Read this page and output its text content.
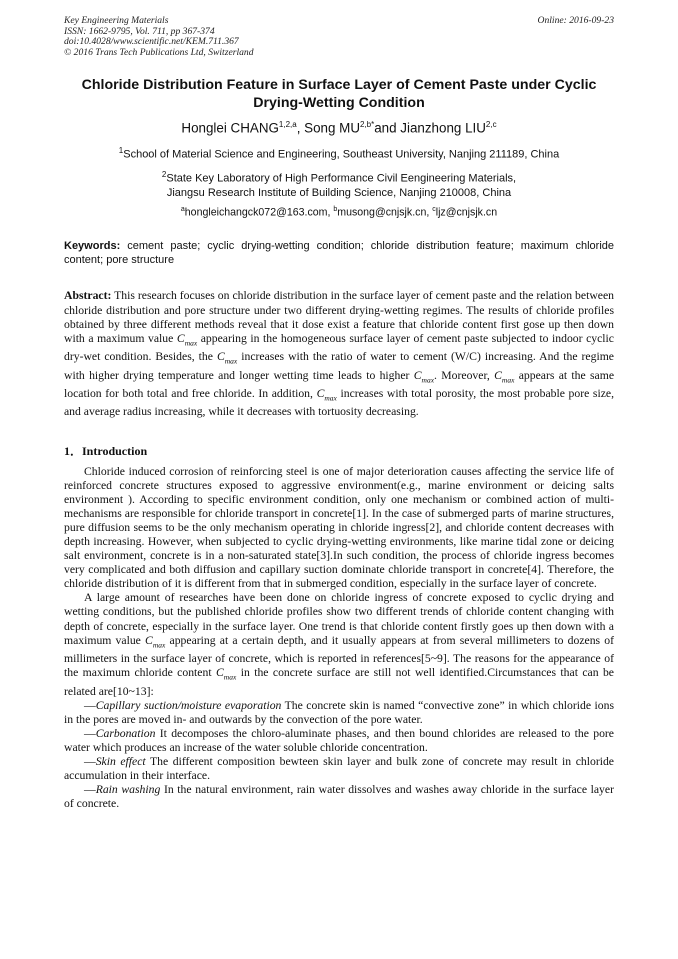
Key Engineering Materials	Online: 2016-09-23
ISSN: 1662-9795, Vol. 711, pp 367-374
doi:10.4028/www.scientific.net/KEM.711.367
© 2016 Trans Tech Publications Ltd, Switzerland
Chloride Distribution Feature in Surface Layer of Cement Paste under Cyclic Drying-Wetting Condition
Honglei CHANG$^{1,2,a}$, Song $MU^{2,b*}and$ Jianzhong LIU$^{2,c}$
$^1$School of Material Science and Engineering, Southeast University, Nanjing 211189, China
$^2$State Key Laboratory of High Performance Civil Eengineering Materials,
Jiangsu Research Institute of Building Science, Nanjing 210008, China
$^a$hongleichangck072@163.com, $^b$musong@cnjsjk.cn, $^c$ljz@cnjsjk.cn
Keywords: cement paste; cyclic drying-wetting condition; chloride distribution feature; maximum chloride content; pore structure

Abstract: This research focuses on chloride distribution in the surface layer of cement paste and the relation between chloride distribution and pore structure under two different drying-wetting regimes. The results of chloride profiles obtained by three different methods reveal that it dose exist a feature that chloride content first gose up then down with a maximum value $C_{max}$ appearing in the homogeneous surface layer of cement paste subjected to indoor cyclic dry-wet condition. Besides, the $C_{max}$ increases with the ratio of water to cement (W/C) increasing. And the regime with higher drying temperature and longer wetting time leads to higher $C_{max}$. Moreover, $C_{max}$ appears at the same location for both total and free chloride. In addition, $C_{max}$ increases with total porosity, the most probable pore size, and average radius increasing, while it decreases with tortuosity decreasing.

1．Introduction

Chloride induced corrosion of reinforcing steel is one of major deterioration causes affecting the service life of reinforced concrete structures exposed to aggressive environment(e.g., marine environment or deicing salts environment ). According to specific environment condition, only one mechanism or combined action of multi-mechanisms are responsible for chloride transport in concrete[1]. In the case of submerged parts of marine structures, pure diffusion seems to be the only mechanism operating in chloride ingress[2], and chloride content decreases with depth increasing. However, when subjected to cyclic drying-wetting environments, like marine tidal zone or deicing salt environment, concrete is in a non-saturated state[3].In such condition, the process of chloride ingress becomes very complicated and both diffusion and capillary suction dominate chloride transport in concrete[4]. Therefore, the chloride distribution of it is different from that in submerged condition, especially in the surface layer of concrete.

A large amount of researches have been done on chloride ingress of concrete exposed to cyclic drying and wetting conditions, but the published chloride profiles show two different trends of chloride content changing with depth of concrete, especially in the surface layer. One trend is that chloride content firstly goes up then down with a maximum value $C_{max}$ appearing at a certain depth, and it usually appears at from several millimeters to dozens of millimeters in the surface layer of concrete, which is reported in references[5~9]. The reasons for the appearance of the maximum chloride content $C_{max}$ in the concrete surface are still not well identified.Circumstances that can be related are[10~13]:

—Capillary suction/moisture evaporation The concrete skin is named “convective zone” in which chloride ions in the pores are moved in- and outwards by the convection of the pore water.

—Carbonation It decomposes the chloro-aluminate phases, and then bound chlorides are released to the pore water which produces an increase of the water soluble chloride concentration.

—Skin effect The different composition bewteen skin layer and bulk zone of concrete may result in chloride accumulation in their interface.

—Rain washing In the natural environment, rain water dissolves and washes away chloride in the surface layer of concrete.
